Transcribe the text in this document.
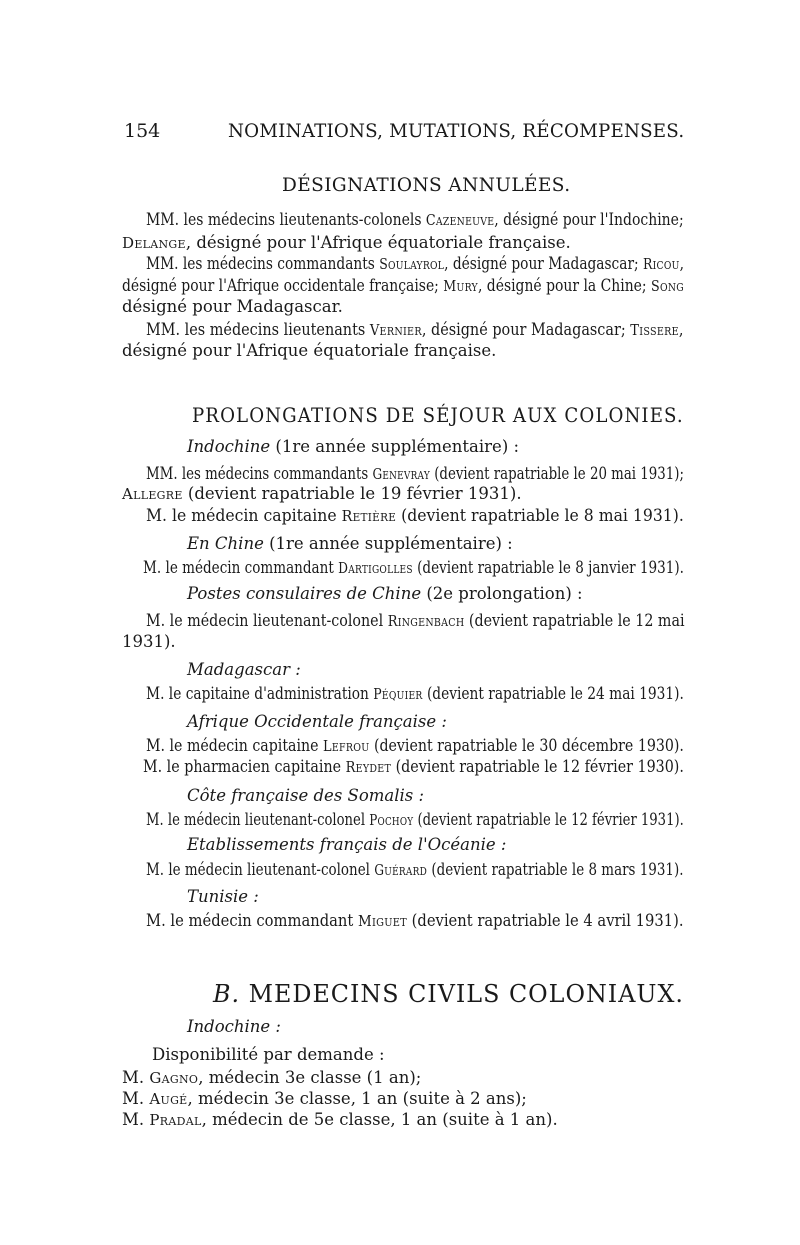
154	NOMINATIONS, MUTATIONS, RÉCOMPENSES.
DÉSIGNATIONS ANNULÉES.
MM. les médecins lieutenants-colonels Cazeneuve, désigné pour l'Indochine;
Delange, désigné pour l'Afrique équatoriale française.
MM. les médecins commandants Soulayrol, désigné pour Madagascar; Ricou,
désigné pour l'Afrique occidentale française; Mury, désigné pour la Chine; Song
désigné pour Madagascar.
MM. les médecins lieutenants Vernier, désigné pour Madagascar; Tissere,
désigné pour l'Afrique équatoriale française.
PROLONGATIONS DE SÉJOUR AUX COLONIES.
Indochine (1re année supplémentaire) :
MM. les médecins commandants Genevray (devient rapatriable le 20 mai 1931);
Allegre (devient rapatriable le 19 février 1931).
M. le médecin capitaine Retière (devient rapatriable le 8 mai 1931).
En Chine (1re année supplémentaire) :
M. le médecin commandant Dartigolles (devient rapatriable le 8 janvier 1931).
Postes consulaires de Chine (2e prolongation) :
M. le médecin lieutenant-colonel Ringenbach (devient rapatriable le 12 mai
1931).
Madagascar :
M. le capitaine d'administration Péquier (devient rapatriable le 24 mai 1931).
Afrique Occidentale française :
M. le médecin capitaine Lefrou (devient rapatriable le 30 décembre 1930).
M. le pharmacien capitaine Reydet (devient rapatriable le 12 février 1930).
Côte française des Somalis :
M. le médecin lieutenant-colonel Pochoy (devient rapatriable le 12 février 1931).
Etablissements français de l'Océanie :
M. le médecin lieutenant-colonel Guérard (devient rapatriable le 8 mars 1931).
Tunisie :
M. le médecin commandant Miguet (devient rapatriable le 4 avril 1931).
B. MEDECINS CIVILS COLONIAUX.
Indochine :
Disponibilité par demande :
M. Gagno, médecin 3e classe (1 an);
M. Augé, médecin 3e classe, 1 an (suite à 2 ans);
M. Pradal, médecin de 5e classe, 1 an (suite à 1 an).
